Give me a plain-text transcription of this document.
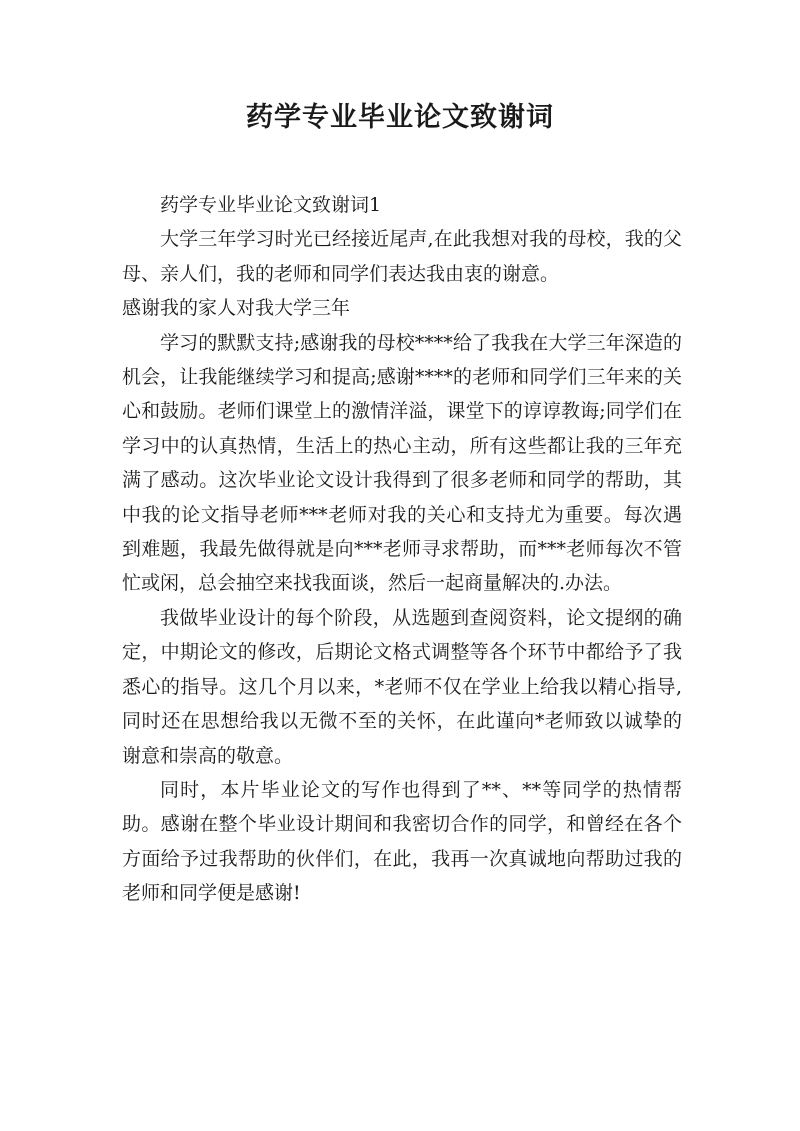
药学专业毕业论文致谢词

药学专业毕业论文致谢词1

大学三年学习时光已经接近尾声,在此我想对我的母校，我的父母、亲人们，我的老师和同学们表达我由衷的谢意。

感谢我的家人对我大学三年

学习的默默支持;感谢我的母校****给了我我在大学三年深造的机会，让我能继续学习和提高;感谢****的老师和同学们三年来的关心和鼓励。老师们课堂上的激情洋溢，课堂下的谆谆教诲;同学们在学习中的认真热情，生活上的热心主动，所有这些都让我的三年充满了感动。这次毕业论文设计我得到了很多老师和同学的帮助，其中我的论文指导老师***老师对我的关心和支持尤为重要。每次遇到难题，我最先做得就是向***老师寻求帮助，而***老师每次不管忙或闲，总会抽空来找我面谈，然后一起商量解决的.办法。

我做毕业设计的每个阶段，从选题到查阅资料，论文提纲的确定，中期论文的修改，后期论文格式调整等各个环节中都给予了我悉心的指导。这几个月以来，*老师不仅在学业上给我以精心指导,同时还在思想给我以无微不至的关怀，在此谨向*老师致以诚挚的谢意和崇高的敬意。

同时，本片毕业论文的写作也得到了**、**等同学的热情帮助。感谢在整个毕业设计期间和我密切合作的同学，和曾经在各个方面给予过我帮助的伙伴们，在此，我再一次真诚地向帮助过我的老师和同学便是感谢!
